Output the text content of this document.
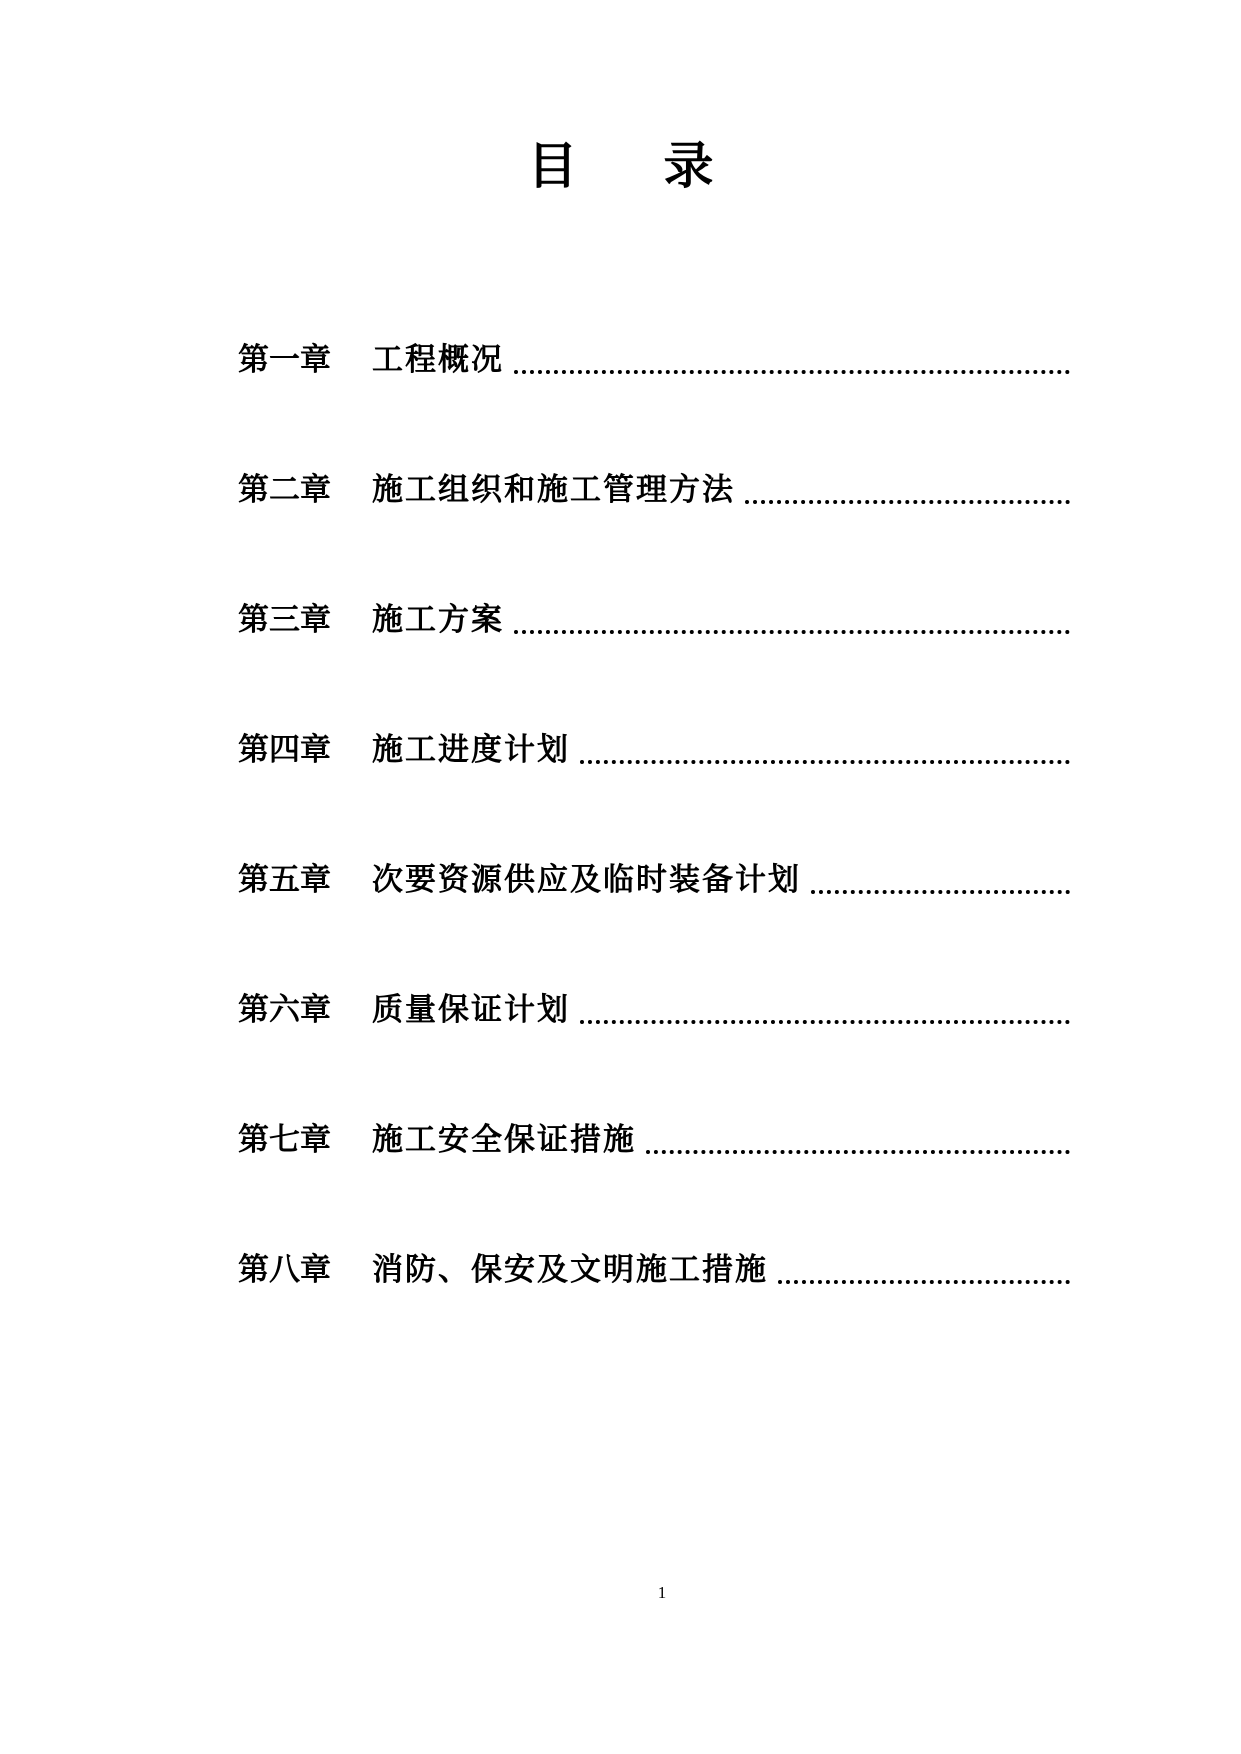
目 录
第一章	工程概况
第二章	施工组织和施工管理方法
第三章	施工方案
第四章	施工进度计划
第五章	次要资源供应及临时装备计划
第六章	质量保证计划
第七章	施工安全保证措施
第八章	消防、保安及文明施工措施
1
